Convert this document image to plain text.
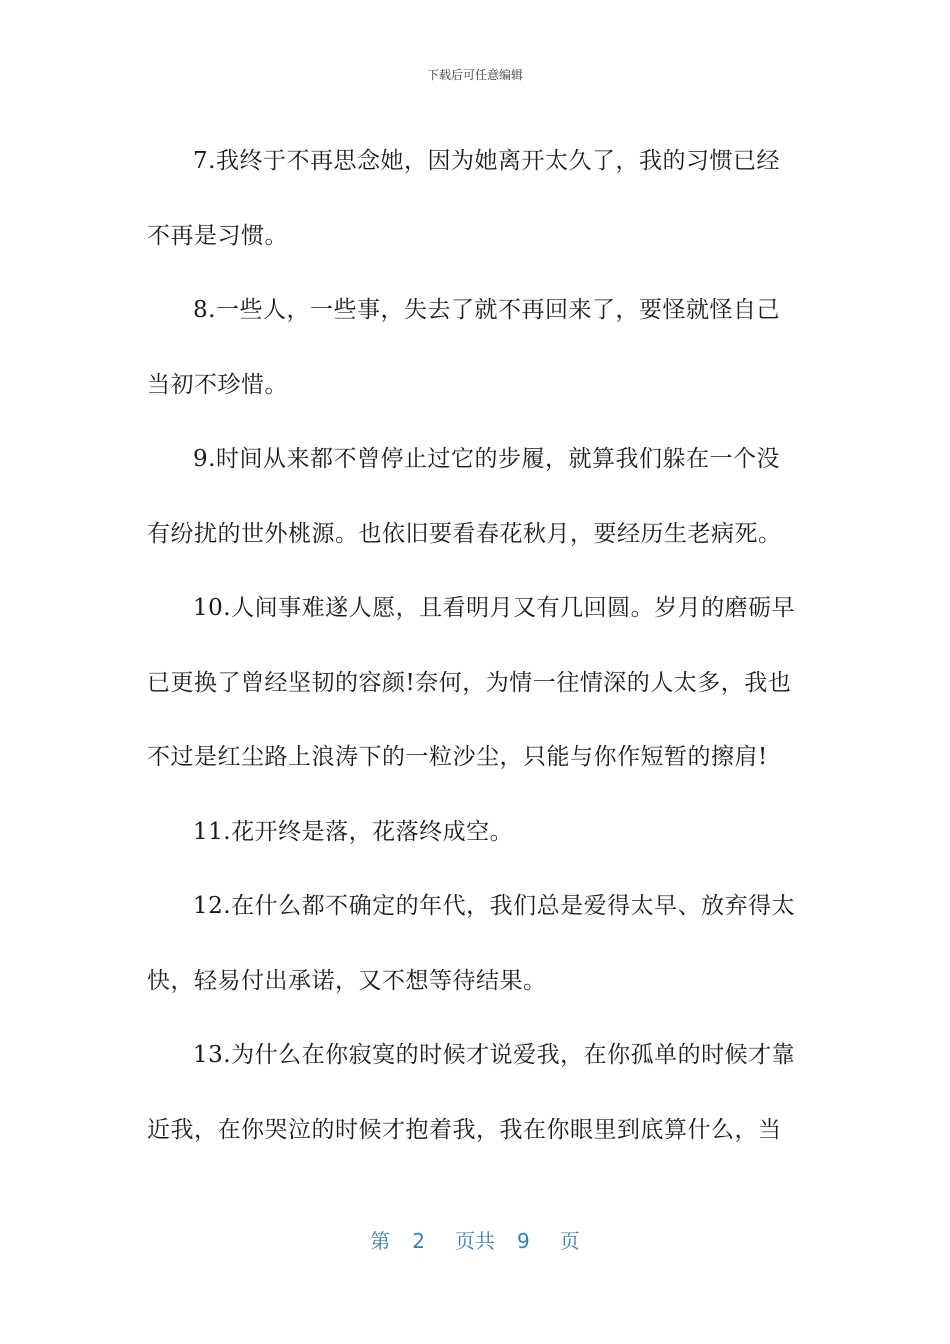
下载后可任意编辑

7.我终于不再思念她，因为她离开太久了，我的习惯已经
不再是习惯。

8.一些人，一些事，失去了就不再回来了，要怪就怪自己
当初不珍惜。

9.时间从来都不曾停止过它的步履，就算我们躲在一个没
有纷扰的世外桃源。也依旧要看春花秋月，要经历生老病死。

10.人间事难遂人愿，且看明月又有几回圆。岁月的磨砺早
已更换了曾经坚韧的容颜!奈何，为情一往情深的人太多，我也
不过是红尘路上浪涛下的一粒沙尘，只能与你作短暂的擦肩!

11.花开终是落，花落终成空。

12.在什么都不确定的年代，我们总是爱得太早、放弃得太
快，轻易付出承诺，又不想等待结果。

13.为什么在你寂寞的时候才说爱我，在你孤单的时候才靠
近我，在你哭泣的时候才抱着我，我在你眼里到底算什么，当

第 2 页共 9 页
